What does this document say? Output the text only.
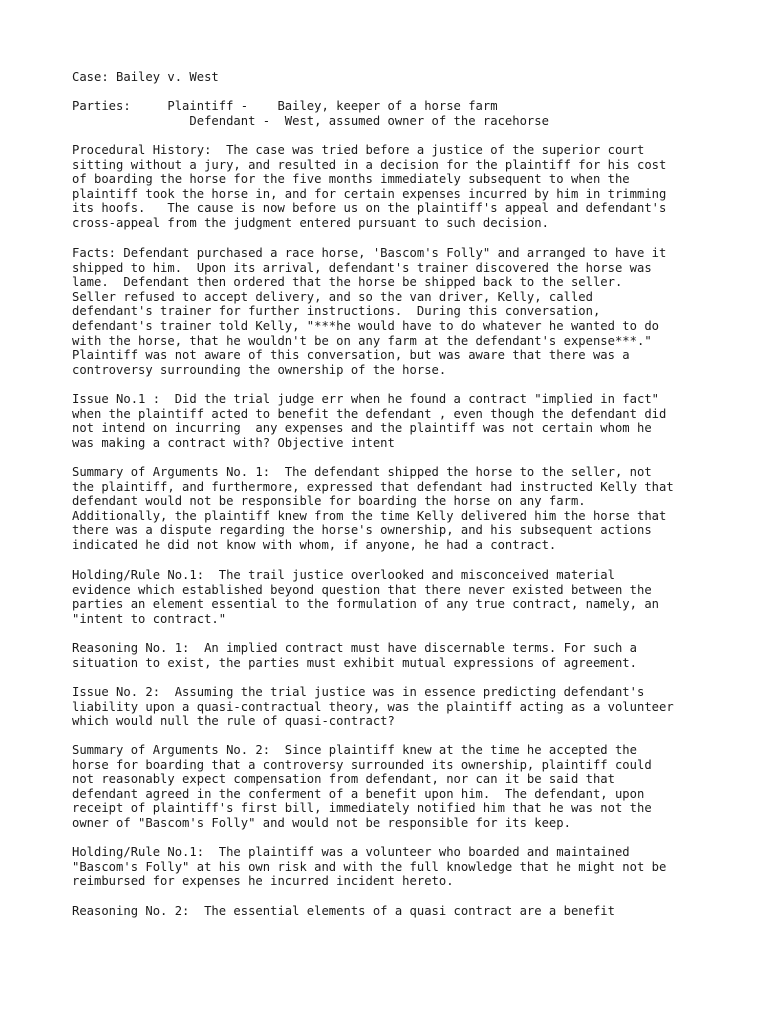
Case: Bailey v. West
Parties:     Plaintiff -    Bailey, keeper of a horse farm
Defendant -  West, assumed owner of the racehorse
Procedural History:  The case was tried before a justice of the superior court
sitting without a jury, and resulted in a decision for the plaintiff for his cost
of boarding the horse for the five months immediately subsequent to when the
plaintiff took the horse in, and for certain expenses incurred by him in trimming
its hoofs.   The cause is now before us on the plaintiff's appeal and defendant's
cross-appeal from the judgment entered pursuant to such decision.
Facts: Defendant purchased a race horse, 'Bascom's Folly" and arranged to have it
shipped to him.  Upon its arrival, defendant's trainer discovered the horse was
lame.  Defendant then ordered that the horse be shipped back to the seller.
Seller refused to accept delivery, and so the van driver, Kelly, called
defendant's trainer for further instructions.  During this conversation,
defendant's trainer told Kelly, "***he would have to do whatever he wanted to do
with the horse, that he wouldn't be on any farm at the defendant's expense***."
Plaintiff was not aware of this conversation, but was aware that there was a
controversy surrounding the ownership of the horse.
Issue No.1 :  Did the trial judge err when he found a contract "implied in fact"
when the plaintiff acted to benefit the defendant , even though the defendant did
not intend on incurring  any expenses and the plaintiff was not certain whom he
was making a contract with? Objective intent
Summary of Arguments No. 1:  The defendant shipped the horse to the seller, not
the plaintiff, and furthermore, expressed that defendant had instructed Kelly that
defendant would not be responsible for boarding the horse on any farm.
Additionally, the plaintiff knew from the time Kelly delivered him the horse that
there was a dispute regarding the horse's ownership, and his subsequent actions
indicated he did not know with whom, if anyone, he had a contract.
Holding/Rule No.1:  The trail justice overlooked and misconceived material
evidence which established beyond question that there never existed between the
parties an element essential to the formulation of any true contract, namely, an
"intent to contract."
Reasoning No. 1:  An implied contract must have discernable terms. For such a
situation to exist, the parties must exhibit mutual expressions of agreement.
Issue No. 2:  Assuming the trial justice was in essence predicting defendant's
liability upon a quasi-contractual theory, was the plaintiff acting as a volunteer
which would null the rule of quasi-contract?
Summary of Arguments No. 2:  Since plaintiff knew at the time he accepted the
horse for boarding that a controversy surrounded its ownership, plaintiff could
not reasonably expect compensation from defendant, nor can it be said that
defendant agreed in the conferment of a benefit upon him.  The defendant, upon
receipt of plaintiff's first bill, immediately notified him that he was not the
owner of "Bascom's Folly" and would not be responsible for its keep.
Holding/Rule No.1:  The plaintiff was a volunteer who boarded and maintained
"Bascom's Folly" at his own risk and with the full knowledge that he might not be
reimbursed for expenses he incurred incident hereto.
Reasoning No. 2:  The essential elements of a quasi contract are a benefit
